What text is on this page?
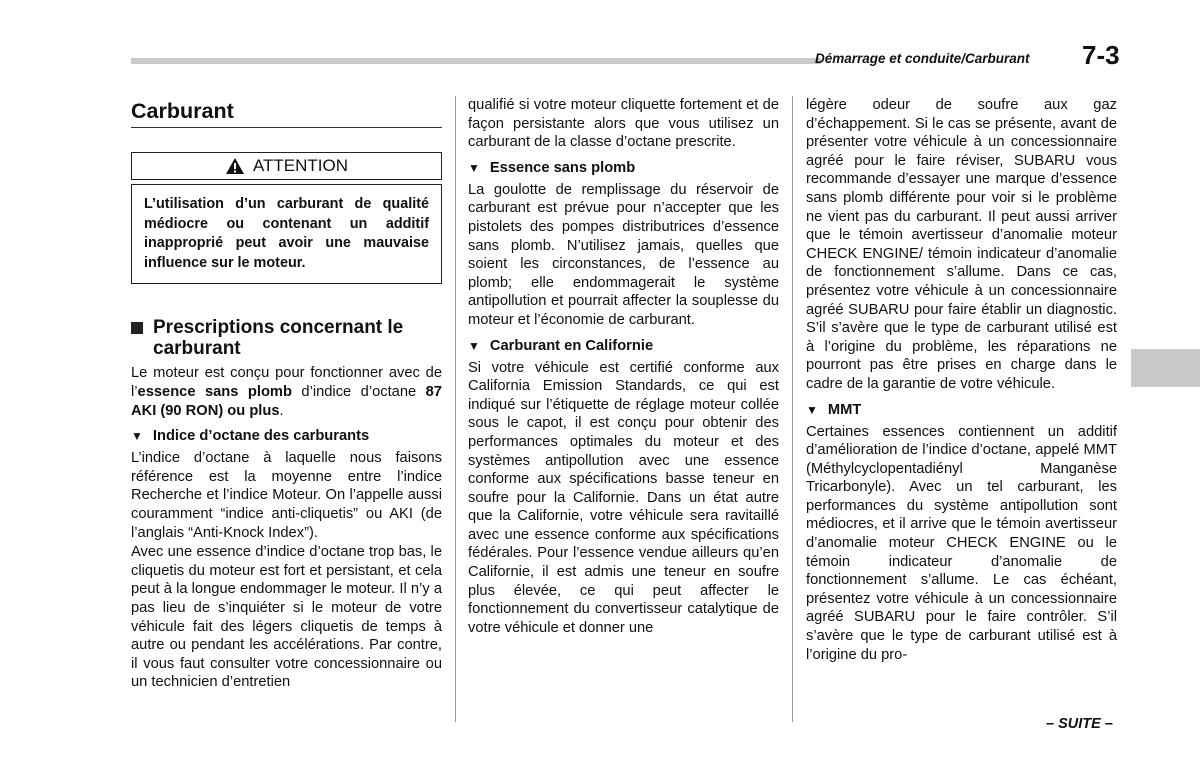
Démarrage et conduite/Carburant 7-3
Carburant
ATTENTION

L’utilisation d’un carburant de qualité médiocre ou contenant un additif inapproprié peut avoir une mauvaise influence sur le moteur.

Prescriptions concernant le carburant

Le moteur est conçu pour fonctionner avec de l’essence sans plomb d’indice d’octane 87 AKI (90 RON) ou plus.

▼ Indice d’octane des carburants

L’indice d’octane à laquelle nous faisons référence est la moyenne entre l’indice Recherche et l’indice Moteur. On l’appelle aussi couramment “indice anti-cliquetis” ou AKI (de l’anglais “Anti-Knock Index”).

Avec une essence d’indice d’octane trop bas, le cliquetis du moteur est fort et persistant, et cela peut à la longue endommager le moteur. Il n’y a pas lieu de s’inquiéter si le moteur de votre véhicule fait des légers cliquetis de temps à autre ou pendant les accélérations. Par contre, il vous faut consulter votre concessionnaire ou un technicien d’entretien

qualifié si votre moteur cliquette fortement et de façon persistante alors que vous utilisez un carburant de la classe d’octane prescrite.

▼ Essence sans plomb

La goulotte de remplissage du réservoir de carburant est prévue pour n’accepter que les pistolets des pompes distributrices d’essence sans plomb. N’utilisez jamais, quelles que soient les circonstances, de l’essence au plomb; elle endommagerait le système antipollution et pourrait affecter la souplesse du moteur et l’économie de carburant.

▼ Carburant en Californie

Si votre véhicule est certifié conforme aux California Emission Standards, ce qui est indiqué sur l’étiquette de réglage moteur collée sous le capot, il est conçu pour obtenir des performances optimales du moteur et des systèmes antipollution avec une essence conforme aux spécifications basse teneur en soufre pour la Californie. Dans un état autre que la Californie, votre véhicule sera ravitaillé avec une essence conforme aux spécifications fédérales. Pour l’essence vendue ailleurs qu’en Californie, il est admis une teneur en soufre plus élevée, ce qui peut affecter le fonctionnement du convertisseur catalytique de votre véhicule et donner une

légère odeur de soufre aux gaz d’échappement. Si le cas se présente, avant de présenter votre véhicule à un concessionnaire agréé pour le faire réviser, SUBARU vous recommande d’essayer une marque d’essence sans plomb différente pour voir si le problème ne vient pas du carburant. Il peut aussi arriver que le témoin avertisseur d’anomalie moteur CHECK ENGINE/ témoin indicateur d’anomalie de fonctionnement s’allume. Dans ce cas, présentez votre véhicule à un concessionnaire agréé SUBARU pour faire établir un diagnostic. S’il s’avère que le type de carburant utilisé est à l’origine du problème, les réparations ne pourront pas être prises en charge dans le cadre de la garantie de votre véhicule.

▼ MMT

Certaines essences contiennent un additif d’amélioration de l’indice d’octane, appelé MMT (Méthylcyclopentadiényl Manganèse Tricarbonyle). Avec un tel carburant, les performances du système antipollution sont médiocres, et il arrive que le témoin avertisseur d’anomalie moteur CHECK ENGINE ou le témoin indicateur d’anomalie de fonctionnement s’allume. Le cas échéant, présentez votre véhicule à un concessionnaire agréé SUBARU pour le faire contrôler. S’il s’avère que le type de carburant utilisé est à l’origine du pro-

– SUITE –
